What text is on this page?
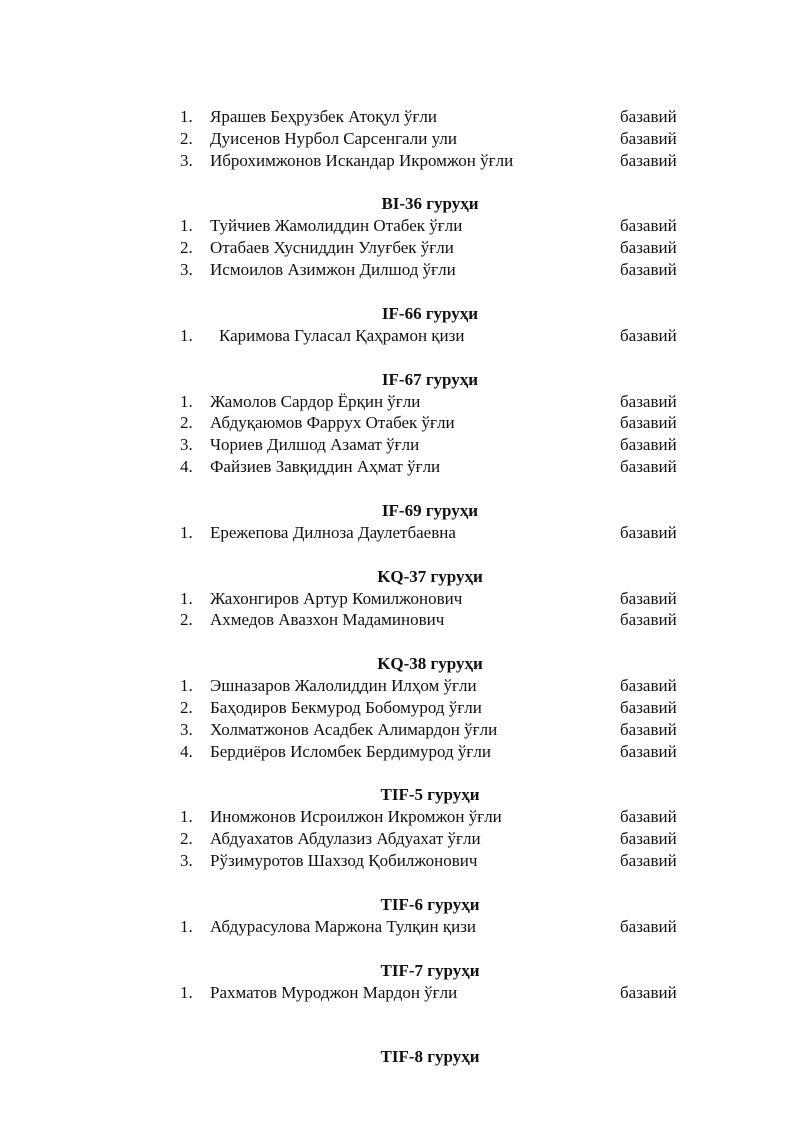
1. Ярашев Беҳрузбек Атоқул ўғли	базавий
2. Дуисенов Нурбол Сарсенгали ули	базавий
3. Иброхимжонов Искандар Икромжон ўғли	базавий
BI-36 гуруҳи
1. Туйчиев Жамолиддин Отабек ўғли	базавий
2. Отабаев Хусниддин Улуғбек ўғли	базавий
3. Исмоилов Азимжон Дилшод ўғли	базавий
IF-66 гуруҳи
1. Каримова Гуласал Қаҳрамон қизи	базавий
IF-67 гуруҳи
1. Жамолов Сардор Ёрқин ўғли	базавий
2. Абдуқаюмов Фаррух Отабек ўғли	базавий
3. Чориев Дилшод Азамат ўғли	базавий
4. Файзиев Завқиддин Аҳмат ўғли	базавий
IF-69 гуруҳи
1. Ережепова Дилноза Даулетбаевна	базавий
KQ-37 гуруҳи
1. Жахонгиров Артур Комилжонович	базавий
2. Ахмедов Авазхон Мадаминович	базавий
KQ-38 гуруҳи
1. Эшназаров Жалолиддин Илҳом ўғли	базавий
2. Баҳодиров Бекмурод Бобомурод ўғли	базавий
3. Холматжонов Асадбек Алимардон ўғли	базавий
4. Бердиёров Исломбек Бердимурод ўғли	базавий
TIF-5 гуруҳи
1. Иномжонов Исроилжон Икромжон ўғли	базавий
2. Абдуахатов Абдулазиз Абдуахат ўғли	базавий
3. Рўзимуротов Шахзод Қобилжонович	базавий
TIF-6 гуруҳи
1. Абдурасулова Маржона Тулқин қизи	базавий
TIF-7 гуруҳи
1. Рахматов Муроджон Мардон ўғли	базавий
TIF-8 гуруҳи
